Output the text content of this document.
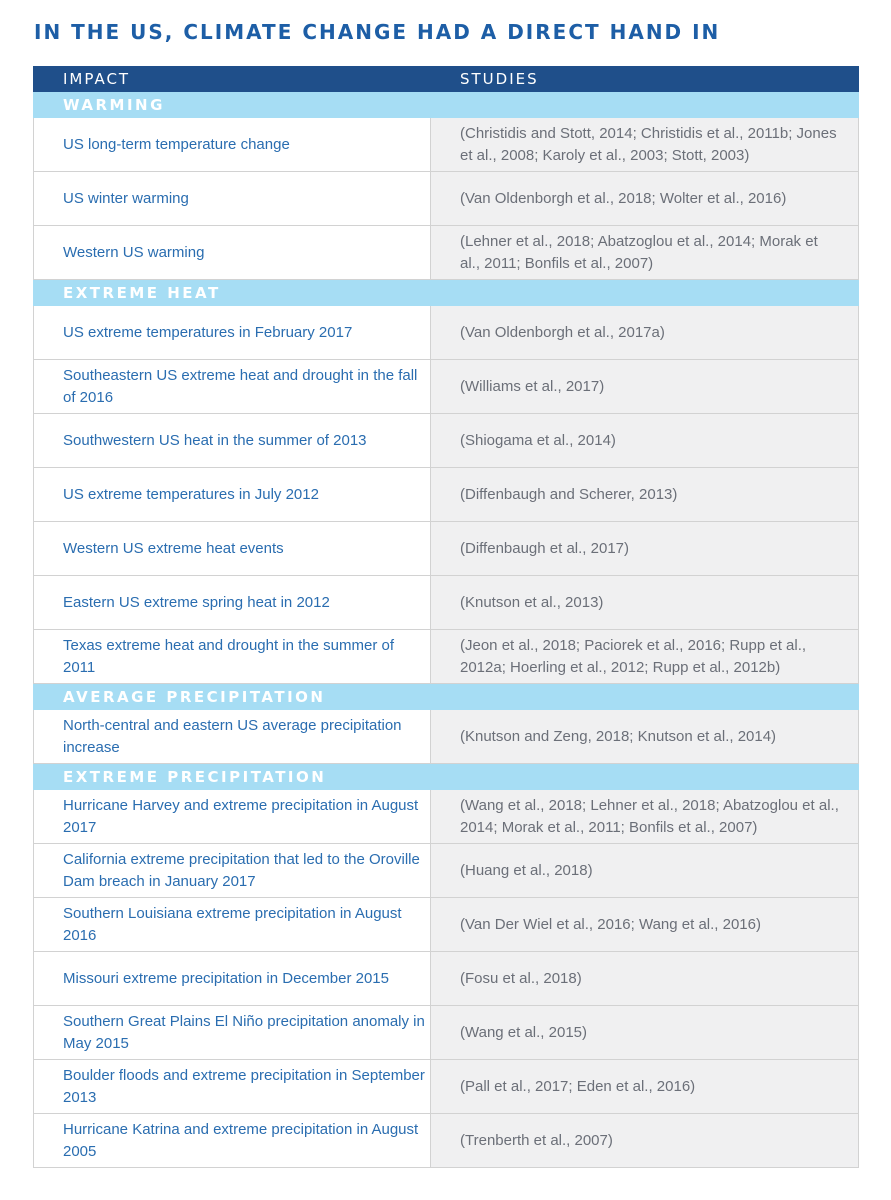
IN THE US, CLIMATE CHANGE HAD A DIRECT HAND IN
IMPACT	STUDIES
WARMING
US long-term temperature change
(Christidis and Stott, 2014; Christidis et al., 2011b; Jones et al., 2008; Karoly et al., 2003; Stott, 2003)
US winter warming	(Van Oldenborgh et al., 2018; Wolter et al., 2016)
Western US warming
(Lehner et al., 2018; Abatzoglou et al., 2014; Morak et al., 2011; Bonfils et al., 2007)
EXTREME HEAT
US extreme temperatures in February 2017	(Van Oldenborgh et al., 2017a)
Southeastern US extreme heat and drought in the fall of 2016
(Williams et al., 2017)
Southwestern US heat in the summer of 2013	(Shiogama et al., 2014)
US extreme temperatures in July 2012	(Diffenbaugh and Scherer, 2013)
Western US extreme heat events	(Diffenbaugh et al., 2017)
Eastern US extreme spring heat in 2012	(Knutson et al., 2013)
Texas extreme heat and drought in the summer of 2011
(Jeon et al., 2018; Paciorek et al., 2016; Rupp et al., 2012a; Hoerling et al., 2012; Rupp et al., 2012b)
AVERAGE PRECIPITATION
North-central and eastern US average precipitation increase
(Knutson and Zeng, 2018; Knutson et al., 2014)
EXTREME PRECIPITATION
Hurricane Harvey and extreme precipitation in August 2017
(Wang et al., 2018; Lehner et al., 2018; Abatzoglou et al., 2014; Morak et al., 2011; Bonfils et al., 2007)
California extreme precipitation that led to the Oroville Dam breach in January 2017
(Huang et al., 2018)
Southern Louisiana extreme precipitation in August 2016
(Van Der Wiel et al., 2016; Wang et al., 2016)
Missouri extreme precipitation in December 2015	(Fosu et al., 2018)
Southern Great Plains El Niño precipitation anomaly in May 2015
(Wang et al., 2015)
Boulder floods and extreme precipitation in September 2013
(Pall et al., 2017; Eden et al., 2016)
Hurricane Katrina and extreme precipitation in August 2005
(Trenberth et al., 2007)
